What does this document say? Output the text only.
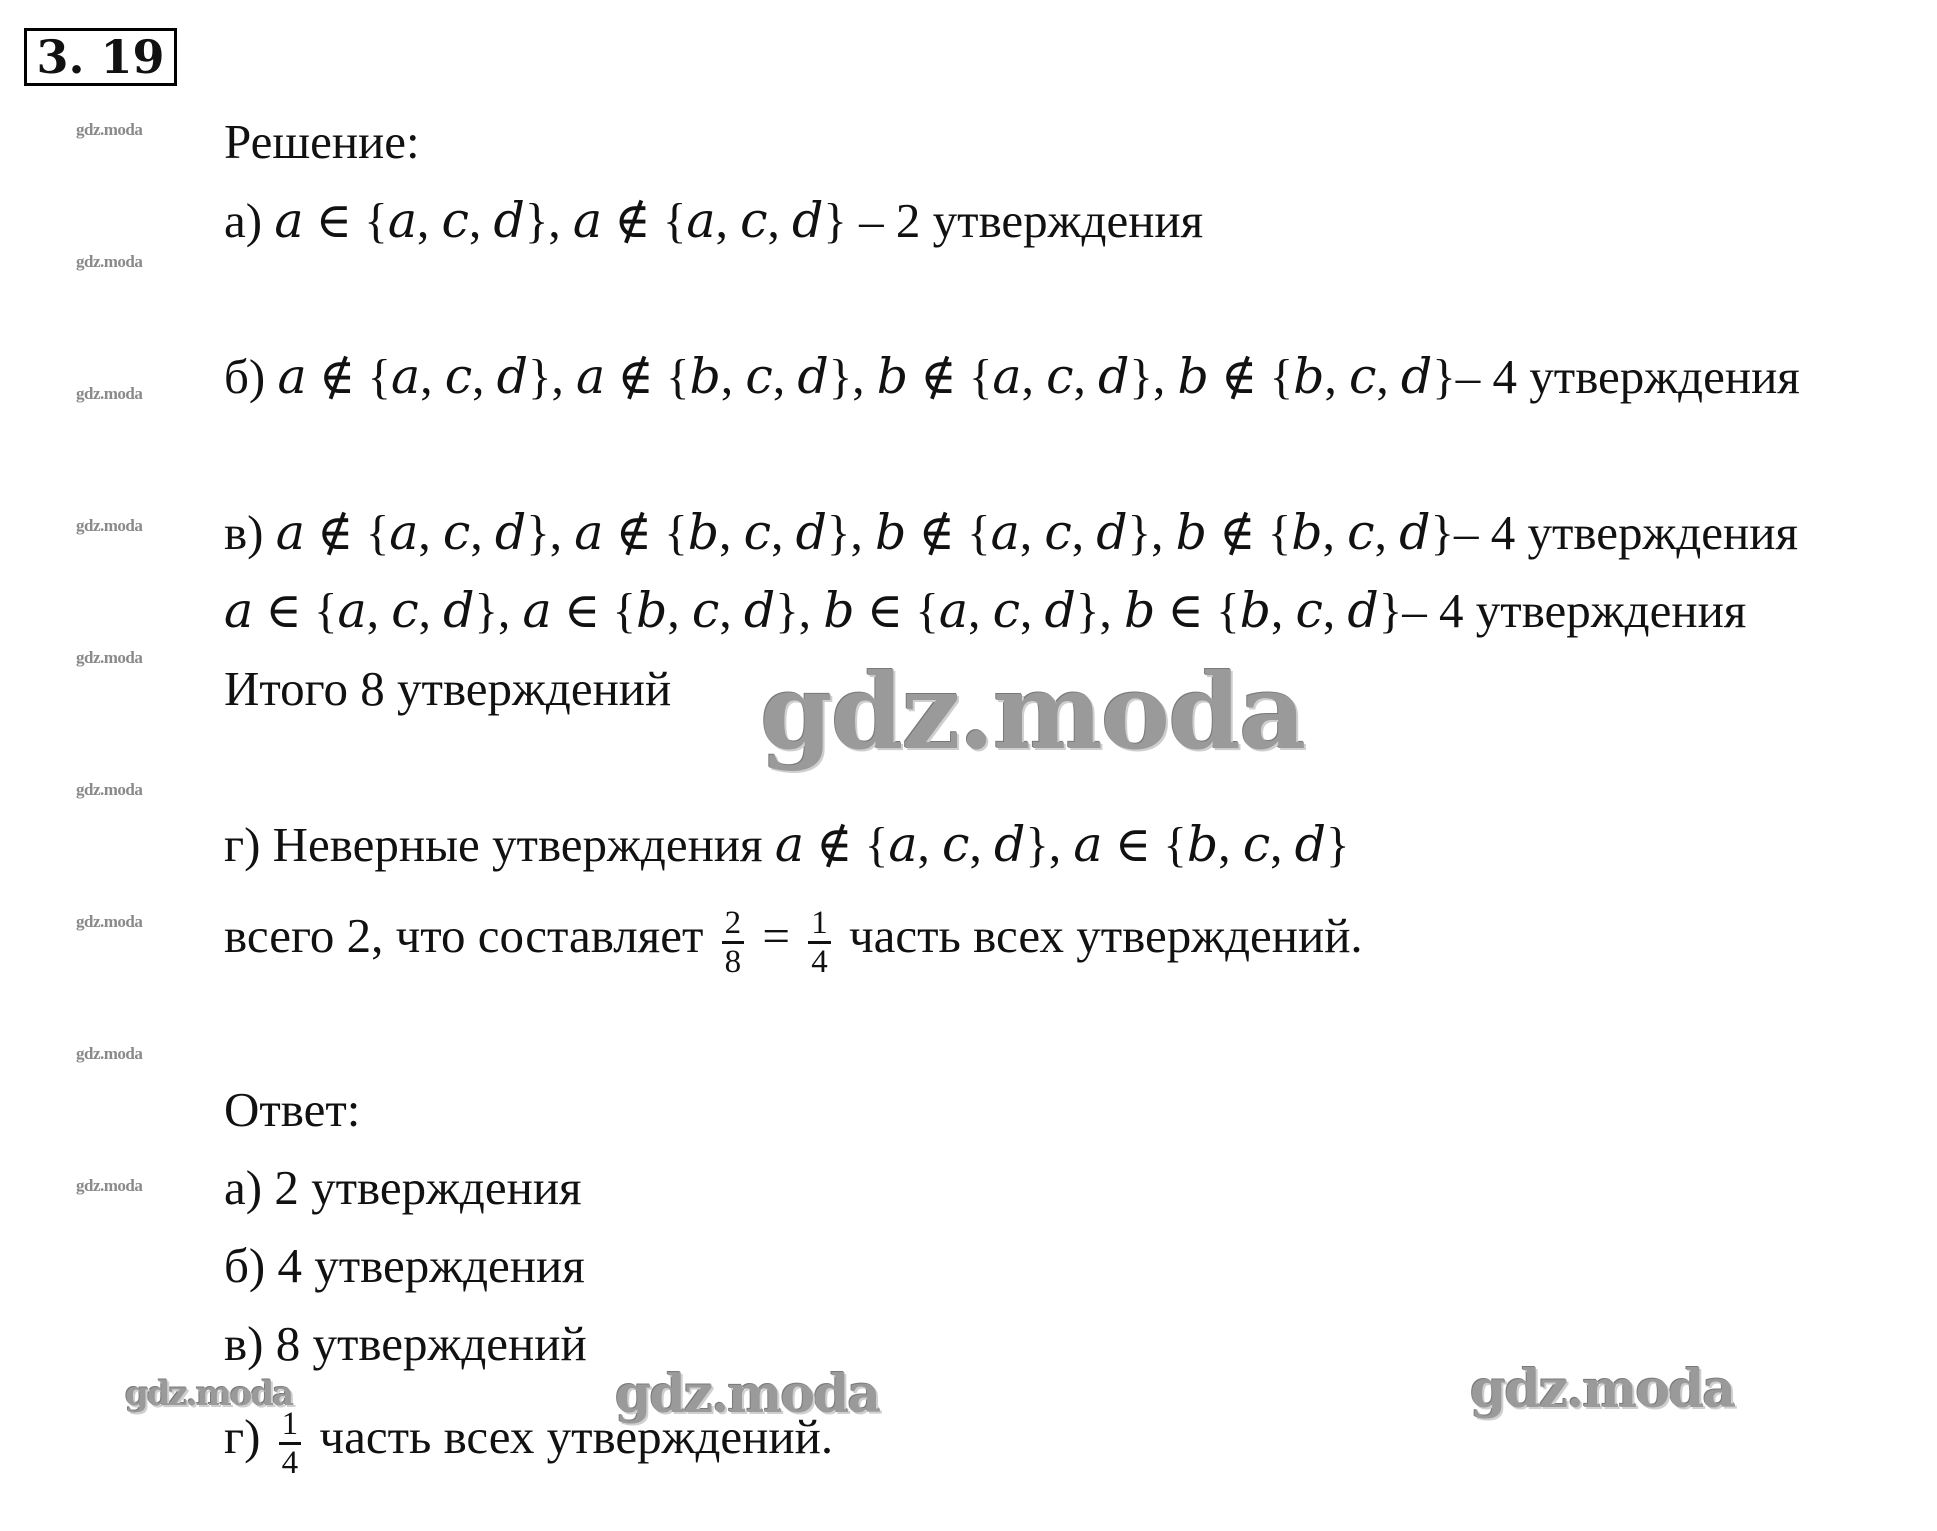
3. 19
gdz.moda
gdz.moda
gdz.moda
gdz.moda
gdz.moda
gdz.moda
gdz.moda
gdz.moda
gdz.moda
Решение:
а) 𝑎 ∈ {𝑎, 𝑐, 𝑑}, 𝑎 ∉ {𝑎, 𝑐, 𝑑} – 2 утверждения
б) 𝑎 ∉ {𝑎, 𝑐, 𝑑}, 𝑎 ∉ {𝑏, 𝑐, 𝑑}, 𝑏 ∉ {𝑎, 𝑐, 𝑑}, 𝑏 ∉ {𝑏, 𝑐, 𝑑}– 4 утверждения
в) 𝑎 ∉ {𝑎, 𝑐, 𝑑}, 𝑎 ∉ {𝑏, 𝑐, 𝑑}, 𝑏 ∉ {𝑎, 𝑐, 𝑑}, 𝑏 ∉ {𝑏, 𝑐, 𝑑}– 4 утверждения
𝑎 ∈ {𝑎, 𝑐, 𝑑}, 𝑎 ∈ {𝑏, 𝑐, 𝑑}, 𝑏 ∈ {𝑎, 𝑐, 𝑑}, 𝑏 ∈ {𝑏, 𝑐, 𝑑}– 4 утверждения
Итого 8 утверждений
г) Неверные утверждения 𝑎 ∉ {𝑎, 𝑐, 𝑑}, 𝑎 ∈ {𝑏, 𝑐, 𝑑}
всего 2, что составляет $\frac{2}{8} = \frac{1}{4}$ часть всех утверждений.
Ответ:
а) 2 утверждения
б) 4 утверждения
в) 8 утверждений
$г) \frac{1}{4}$ часть всех утверждений.
gdz.moda
gdz.moda	gdz.moda	gdz.moda
